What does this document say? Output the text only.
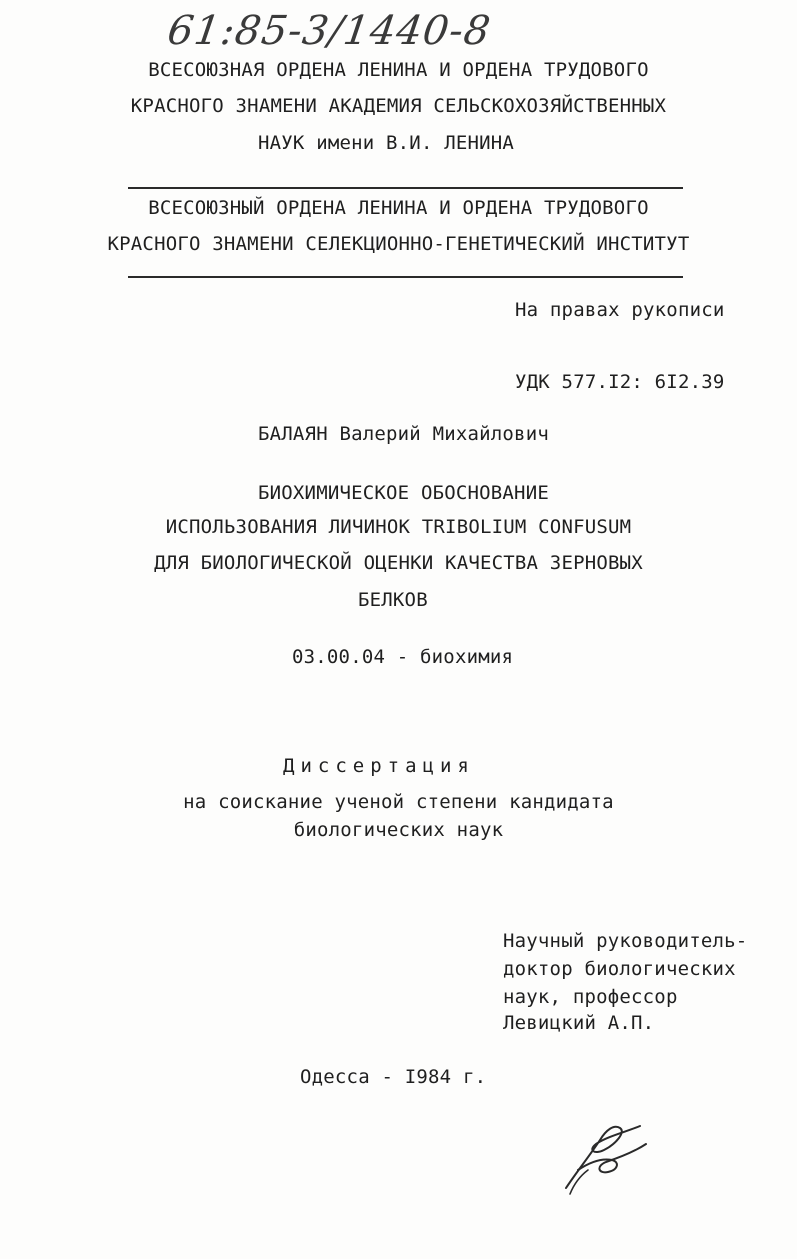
61:85-3/1440-8
ВСЕСОЮЗНАЯ ОРДЕНА ЛЕНИНА И ОРДЕНА ТРУДОВОГО
КРАСНОГО ЗНАМЕНИ АКАДЕМИЯ СЕЛЬСКОХОЗЯЙСТВЕННЫХ
НАУК имени В.И. ЛЕНИНА
ВСЕСОЮЗНЫЙ ОРДЕНА ЛЕНИНА И ОРДЕНА ТРУДОВОГО
КРАСНОГО ЗНАМЕНИ СЕЛЕКЦИОННО-ГЕНЕТИЧЕСКИЙ ИНСТИТУТ
На правах рукописи
УДК 577.I2: 6I2.39
БАЛАЯН Валерий Михайлович
БИОХИМИЧЕСКОЕ ОБОСНОВАНИЕ
ИСПОЛЬЗОВАНИЯ ЛИЧИНОК TRIBOLIUM CONFUSUM
ДЛЯ БИОЛОГИЧЕСКОЙ ОЦЕНКИ КАЧЕСТВА ЗЕРНОВЫХ
БЕЛКОВ
03.00.04 - биохимия
Диссертация
на соискание ученой степени кандидата
биологических наук
Научный руководитель-
доктор биологических
наук, профессор
Левицкий А.П.
Одесса - I984 г.
